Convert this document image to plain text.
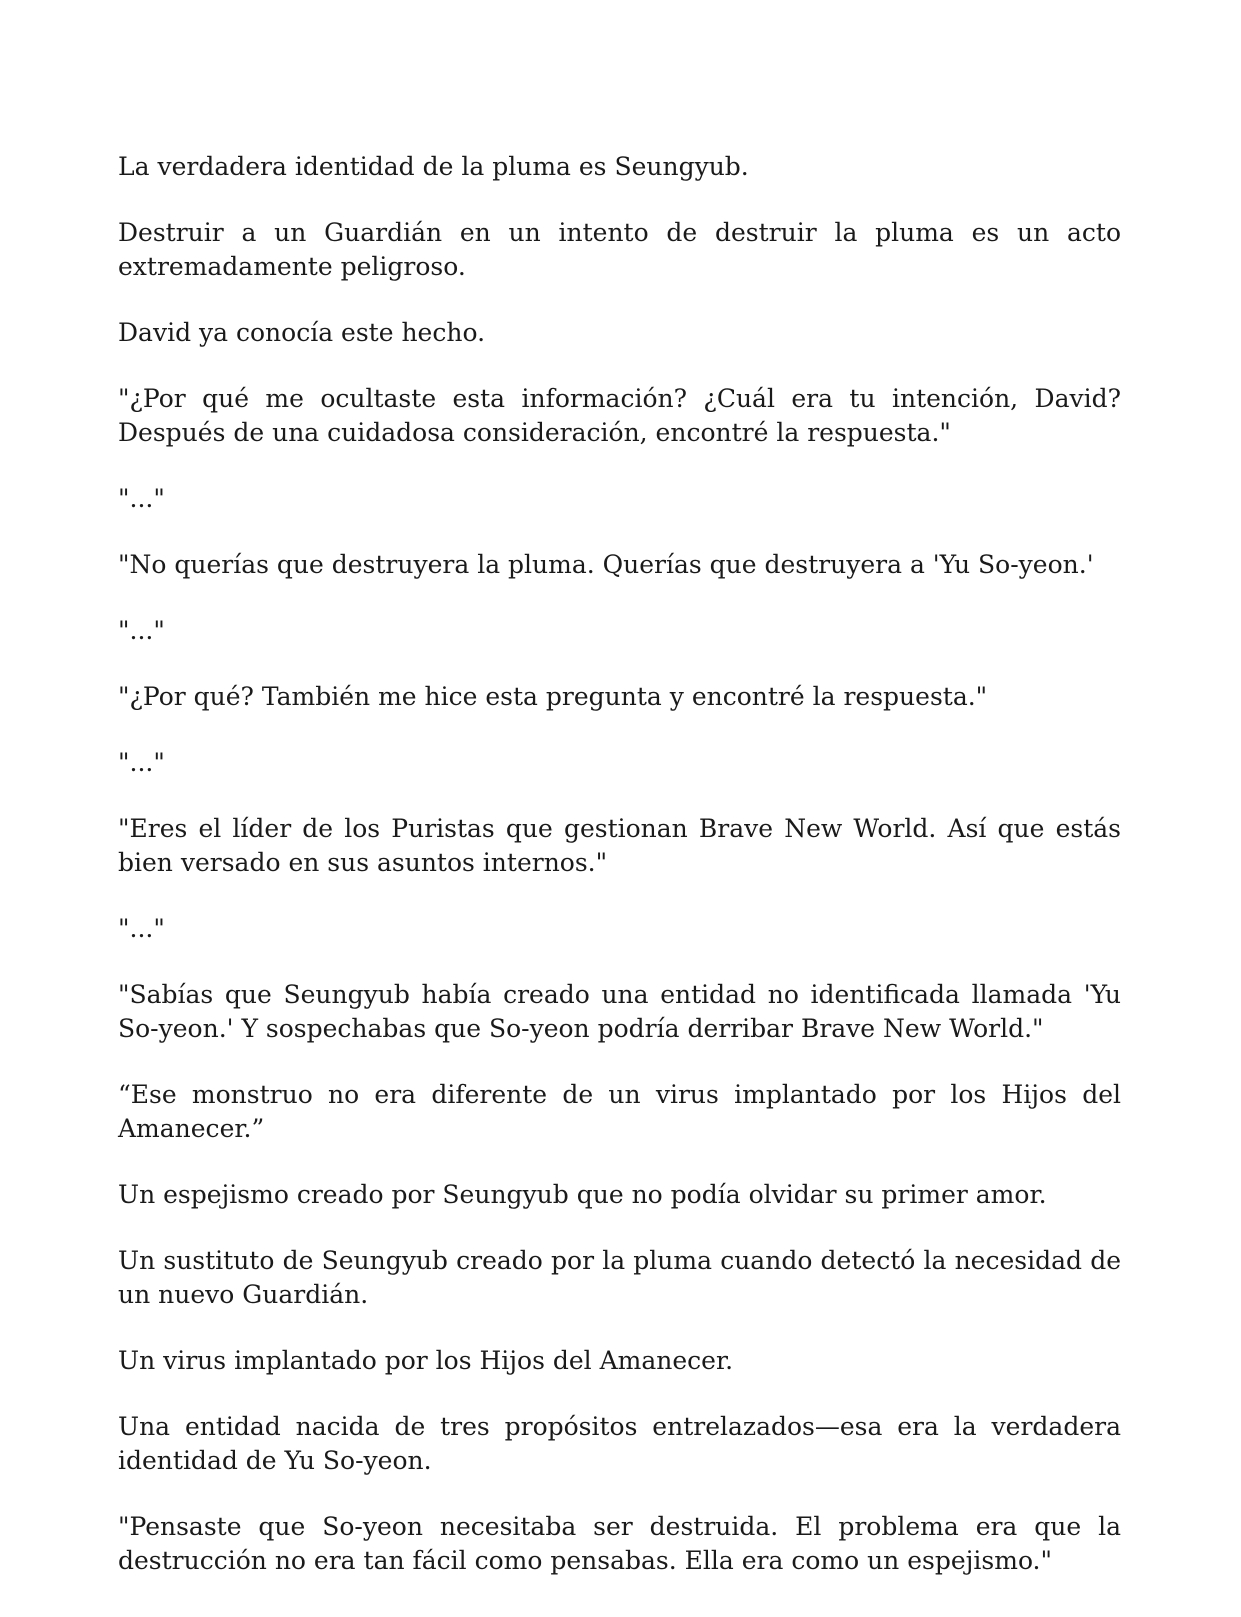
La verdadera identidad de la pluma es Seungyub.

Destruir a un Guardián en un intento de destruir la pluma es un acto extremadamente peligroso.

David ya conocía este hecho.

"¿Por qué me ocultaste esta información? ¿Cuál era tu intención, David? Después de una cuidadosa consideración, encontré la respuesta."

"..."

"No querías que destruyera la pluma. Querías que destruyera a 'Yu So-yeon.'

"..."

"¿Por qué? También me hice esta pregunta y encontré la respuesta."

"..."

"Eres el líder de los Puristas que gestionan Brave New World. Así que estás bien versado en sus asuntos internos."

"..."

"Sabías que Seungyub había creado una entidad no identificada llamada 'Yu So-yeon.' Y sospechabas que So-yeon podría derribar Brave New World."

“Ese monstruo no era diferente de un virus implantado por los Hijos del Amanecer.”

Un espejismo creado por Seungyub que no podía olvidar su primer amor.

Un sustituto de Seungyub creado por la pluma cuando detectó la necesidad de un nuevo Guardián.

Un virus implantado por los Hijos del Amanecer.

Una entidad nacida de tres propósitos entrelazados—esa era la verdadera identidad de Yu So-yeon.

"Pensaste que So-yeon necesitaba ser destruida. El problema era que la destrucción no era tan fácil como pensabas. Ella era como un espejismo."
